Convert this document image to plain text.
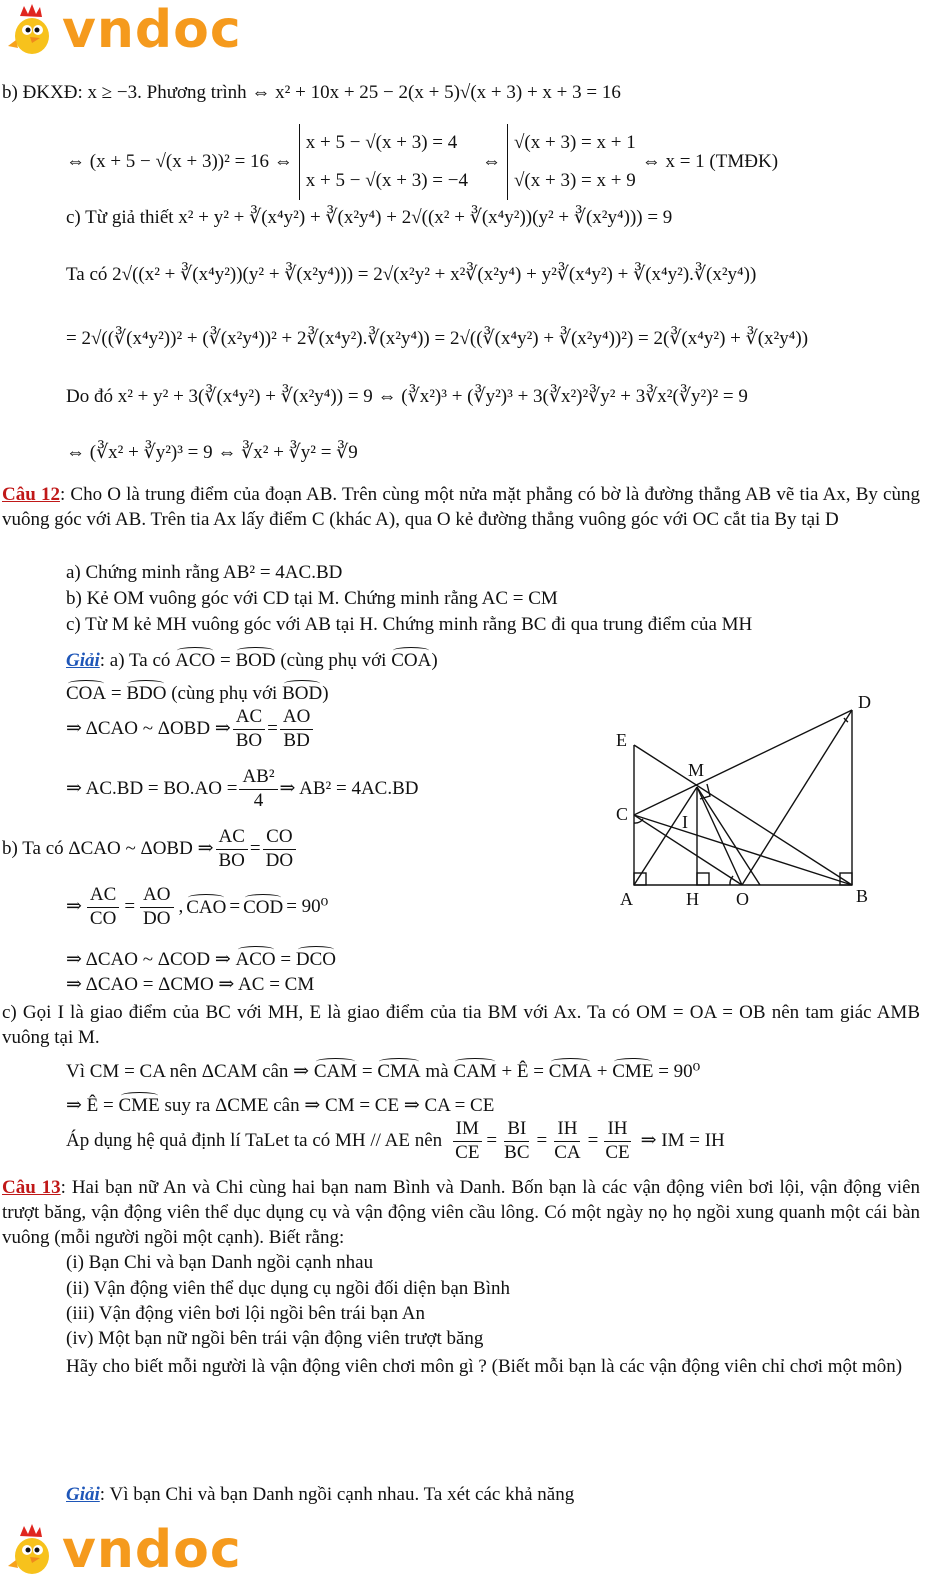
vndoc
b) ĐKXĐ: x ≥ −3. Phương trình ⇔ x² + 10x + 25 − 2(x + 5)√(x + 3) + x + 3 = 16
⇔ (x + 5 − √(x + 3))² = 16 ⇔
x + 5 − √(x + 3) = 4
x + 5 − √(x + 3) = −4
⇔
√(x + 3) = x + 1
√(x + 3) = x + 9
⇔ x = 1 (TMĐK)
c) Từ giả thiết x² + y² + ∛(x⁴y²) + ∛(x²y⁴) + 2√((x² + ∛(x⁴y²))(y² + ∛(x²y⁴))) = 9
Ta có 2√((x² + ∛(x⁴y²))(y² + ∛(x²y⁴))) = 2√(x²y² + x²∛(x²y⁴) + y²∛(x⁴y²) + ∛(x⁴y²).∛(x²y⁴))
= 2√((∛(x⁴y²))² + (∛(x²y⁴))² + 2∛(x⁴y²).∛(x²y⁴)) = 2√((∛(x⁴y²) + ∛(x²y⁴))²) = 2(∛(x⁴y²) + ∛(x²y⁴))
Do đó x² + y² + 3(∛(x⁴y²) + ∛(x²y⁴)) = 9 ⇔ (∛x²)³ + (∛y²)³ + 3(∛x²)²∛y² + 3∛x²(∛y²)² = 9
⇔ (∛x² + ∛y²)³ = 9 ⇔ ∛x² + ∛y² = ∛9
Câu 12: Cho O là trung điểm của đoạn AB. Trên cùng một nửa mặt phẳng có bờ là đường thẳng AB vẽ tia Ax, By cùng vuông góc với AB. Trên tia Ax lấy điểm C (khác A), qua O kẻ đường thẳng vuông góc với OC cắt tia By tại D
a) Chứng minh rằng AB² = 4AC.BD
b) Kẻ OM vuông góc với CD tại M. Chứng minh rằng AC = CM
c) Từ M kẻ MH vuông góc với AB tại H. Chứng minh rằng BC đi qua trung điểm của MH
Giải: a) Ta có ACO = BOD (cùng phụ với COA)
COA = BDO (cùng phụ với BOD)
⇒ ΔCAO ~ ΔOBD ⇒ $\frac{AC}{BO} = \frac{AO}{BD}$
⇒ $AC.BD = BO.AO = \frac{\text{AB²}}{4}$ ⇒ AB² = 4AC.BD
b) Ta có ΔCAO ~ ΔOBD ⇒ $\frac{AC}{BO} = \frac{CO}{DO}$
⇒ $\frac{AC}{CO} = \frac{AO}{DO}$ , CAO = COD = 90⁰
⇒ ΔCAO ~ ΔCOD ⇒ ACO = DCO
⇒ ΔCAO = ΔCMO ⇒ AC = CM
c) Gọi I là giao điểm của BC với MH, E là giao điểm của tia BM với Ax. Ta có OM = OA = OB nên tam giác AMB vuông tại M.
Vì CM = CA nên ΔCAM cân ⇒ CAM = CMA mà CAM + Ê = CMA + CME = 90⁰
⇒ Ê = CME suy ra ΔCME cân ⇒ CM = CE ⇒ CA = CE
Áp dụng hệ quả định lí TaLet ta có MH // AE nên $\frac{IM}{CE} = \frac{BI}{BC} = \frac{IH}{CA} = \frac{IH}{CE}$ ⇒ IM = IH
A	H O	B
C
E
M
I
D
Câu 13: Hai bạn nữ An và Chi cùng hai bạn nam Bình và Danh. Bốn bạn là các vận động viên bơi lội, vận động viên trượt băng, vận động viên thể dục dụng cụ và vận động viên cầu lông. Có một ngày nọ họ ngồi xung quanh một cái bàn vuông (mỗi người ngồi một cạnh). Biết rằng:
(i) Bạn Chi và bạn Danh ngồi cạnh nhau
(ii) Vận động viên thể dục dụng cụ ngồi đối diện bạn Bình
(iii) Vận động viên bơi lội ngồi bên trái bạn An
(iv) Một bạn nữ ngồi bên trái vận động viên trượt băng
Hãy cho biết mỗi người là vận động viên chơi môn gì ? (Biết mỗi bạn là các vận động viên chỉ chơi một môn)
Giải: Vì bạn Chi và bạn Danh ngồi cạnh nhau. Ta xét các khả năng
vndoc
